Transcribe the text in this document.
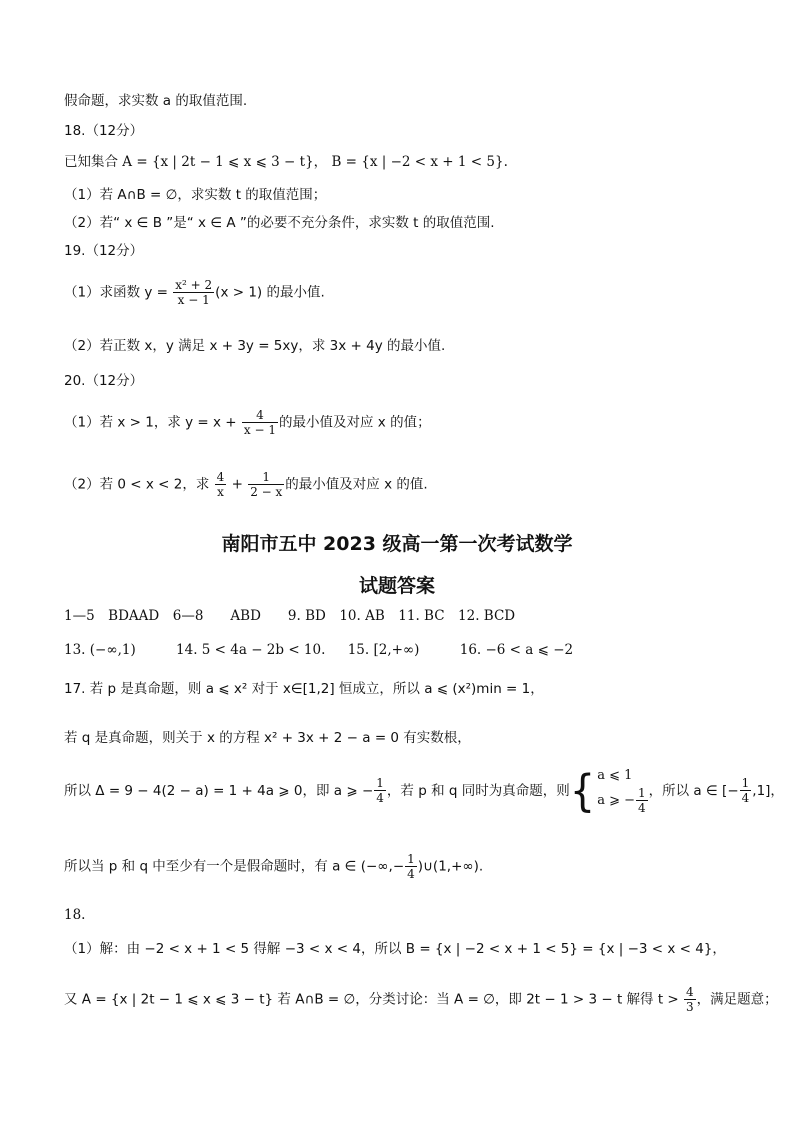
假命题，求实数 a 的取值范围.
18.（12分）
已知集合 A = {x | 2t − 1 ⩽ x ⩽ 3 − t}， B = {x | −2 < x + 1 < 5}.
（1）若 A∩B = ∅，求实数 t 的取值范围；
（2）若“ x ∈ B ”是“ x ∈ A ”的必要不充分条件，求实数 t 的取值范围.
19.（12分）
（1）求函数 $y = \frac{\text{x² + 2}}{x - 1} (x > 1)$ 的最小值.
（2）若正数 x，y 满足 x + 3y = 5xy，求 3x + 4y 的最小值.
20.（12分）
（1）若 x > 1，求 $y = x + \frac{4}{x - 1}$ 的最小值及对应 x 的值；
（2）若 0 < x < 2，求 $\frac{4}{x} + \frac{1}{2 - x}$ 的最小值及对应 x 的值.
南阳市五中 2023 级高一第一次考试数学
试题答案
1—5　BDAAD　6—8　　ABD　　9. BD　10. AB　11. BC　12. BCD
13. (−∞,1)	14. 5 < 4a − 2b < 10. 15. [2,+∞)	16. −6 < a ⩽ −2
17. 若 p 是真命题，则 a ⩽ x² 对于 x∈[1,2] 恒成立，所以 a ⩽ (x²)min = 1，
若 q 是真命题，则关于 x 的方程 x² + 3x + 2 − a = 0 有实数根，
所以 Δ = 9 − 4(2 − a) = 1 + 4a ⩾ 0，即 a ⩾ − $\frac{1}{4}$ ，若 p 和 q 同时为真命题，则{ a ⩽ 1
a ⩾ − $\frac{1}{4}$ ，所以 a ∈ [− $\frac{1}{4} ,1$]，
所以当 p 和 q 中至少有一个是假命题时，有 a ∈ (−∞,− $\frac{1}{4}$ )∪(1,+∞).
18.
（1）解：由 −2 < x + 1 < 5 得解 −3 < x < 4，所以 B = {x | −2 < x + 1 < 5} = {x | −3 < x < 4}，
又 A = {x | 2t − 1 ⩽ x ⩽ 3 − t} 若 A∩B = ∅，分类讨论：当 A = ∅，即 2t − 1 > 3 − t 解得 $t > \frac{4}{3}$ ，满足题意；
